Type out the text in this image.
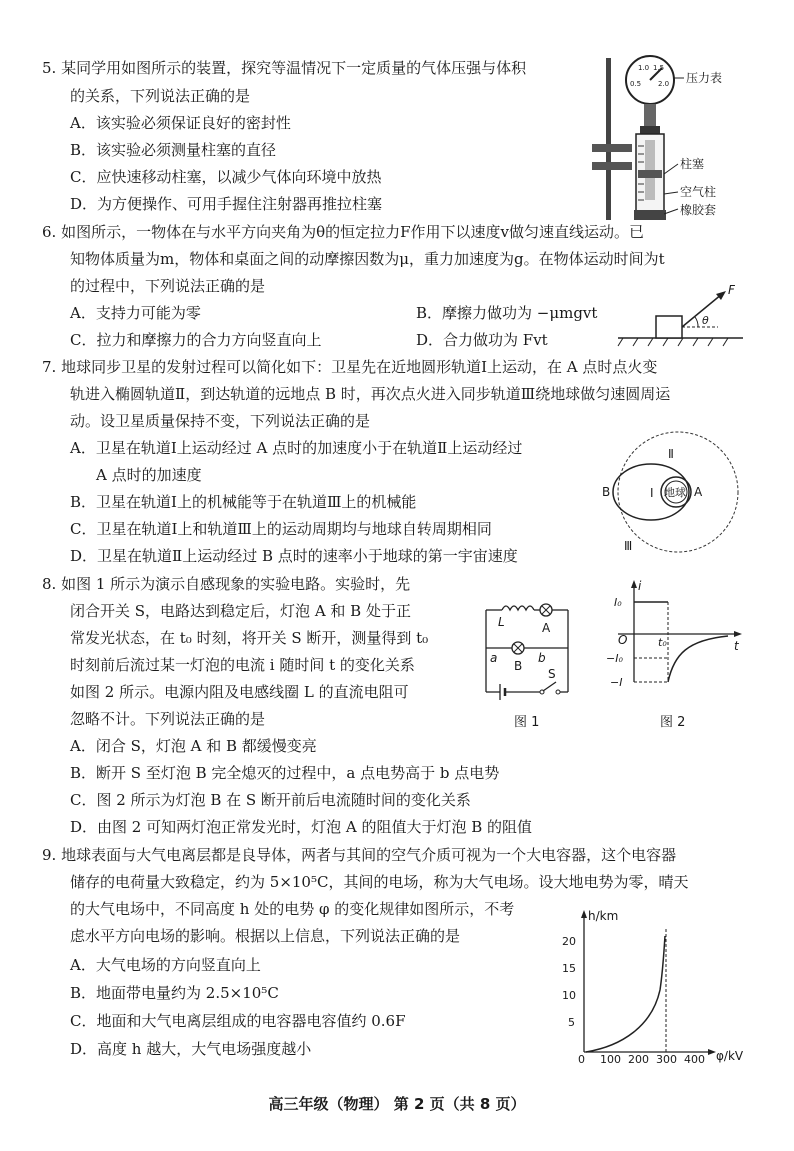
5. 某同学用如图所示的装置，探究等温情况下一定质量的气体压强与体积
的关系，下列说法正确的是
A．该实验必须保证良好的密封性
B．该实验必须测量柱塞的直径
C．应快速移动柱塞，以减少气体向环境中放热
D．为方便操作、可用手握住注射器再推拉柱塞
0.5
1.0 1.5
2.0 压力表
柱塞
空气柱
橡胶套
6. 如图所示，一物体在与水平方向夹角为θ的恒定拉力F作用下以速度v做匀速直线运动。已
知物体质量为m，物体和桌面之间的动摩擦因数为μ，重力加速度为g。在物体运动时间为t
的过程中，下列说法正确的是
A．支持力可能为零	B．摩擦力做功为 −μmgvt
C．拉力和摩擦力的合力方向竖直向上	D．合力做功为 Fvt
F
θ
7. 地球同步卫星的发射过程可以简化如下：卫星先在近地圆形轨道Ⅰ上运动，在 A 点时点火变
轨进入椭圆轨道Ⅱ，到达轨道的远地点 B 时，再次点火进入同步轨道Ⅲ绕地球做匀速圆周运
动。设卫星质量保持不变，下列说法正确的是
A．卫星在轨道Ⅰ上运动经过 A 点时的加速度小于在轨道Ⅱ上运动经过
A 点时的加速度
B．卫星在轨道Ⅰ上的机械能等于在轨道Ⅲ上的机械能
C．卫星在轨道Ⅰ上和轨道Ⅲ上的运动周期均与地球自转周期相同
D．卫星在轨道Ⅱ上运动经过 B 点时的速率小于地球的第一宇宙速度
地球
Ⅰ
Ⅱ
Ⅲ
A
B
8. 如图 1 所示为演示自感现象的实验电路。实验时，先
闭合开关 S，电路达到稳定后，灯泡 A 和 B 处于正
常发光状态，在 t₀ 时刻，将开关 S 断开，测量得到 t₀
时刻前后流过某一灯泡的电流 i 随时间 t 的变化关系
如图 2 所示。电源内阻及电感线圈 L 的直流电阻可
忽略不计。下列说法正确的是
A．闭合 S，灯泡 A 和 B 都缓慢变亮
B．断开 S 至灯泡 B 完全熄灭的过程中，a 点电势高于 b 点电势
C．图 2 所示为灯泡 B 在 S 断开前后电流随时间的变化关系
D．由图 2 可知两灯泡正常发光时，灯泡 A 的阻值大于灯泡 B 的阻值
L	A
B
a	b
S
图 1
i
t
O
I₀
t₀
−I₀
−I
图 2
9. 地球表面与大气电离层都是良导体，两者与其间的空气介质可视为一个大电容器，这个电容器
储存的电荷量大致稳定，约为 5×10⁵C，其间的电场，称为大气电场。设大地电势为零，晴天
的大气电场中，不同高度 h 处的电势 φ 的变化规律如图所示，不考
虑水平方向电场的影响。根据以上信息，下列说法正确的是
A．大气电场的方向竖直向上
B．地面带电量约为 2.5×10⁵C
C．地面和大气电离层组成的电容器电容值约 0.6F
D．高度 h 越大，大气电场强度越小
h/km
φ/kV
5
10
15
20
0 100 200 300 400
高三年级（物理） 第 2 页（共 8 页）
